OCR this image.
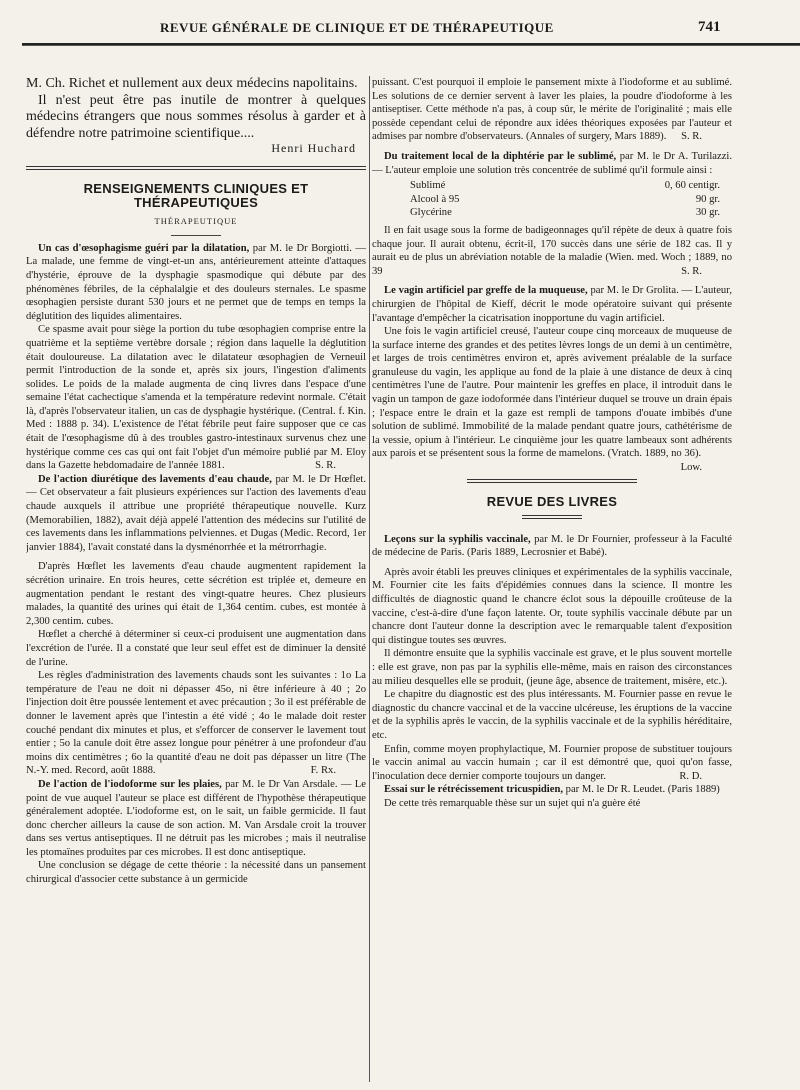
REVUE GÉNÉRALE DE CLINIQUE ET DE THÉRAPEUTIQUE	741

M. Ch. Richet et nullement aux deux médecins napolitains.

Il n'est peut être pas inutile de montrer à quelques médecins étrangers que nous sommes résolus à garder et à défendre notre patrimoine scientifique....

Henri Huchard
RENSEIGNEMENTS CLINIQUES ET THÉRAPEUTIQUES
THÉRAPEUTIQUE

Un cas d'œsophagisme guéri par la dilatation, par M. le Dr Borgiotti. — La malade, une femme de vingt-et-un ans, antérieurement atteinte d'attaques d'hystérie, éprouve de la dysphagie spasmodique qui débute par des phénomènes fébriles, de la céphalalgie et des douleurs sternales. Le spasme œsophagien persiste durant 530 jours et ne permet que de temps en temps la déglutition des liquides alimentaires.

Ce spasme avait pour siège la portion du tube œsophagien comprise entre la quatrième et la septième vertèbre dorsale ; région dans laquelle la déglutition était douloureuse. La dilatation avec le dilatateur œsophagien de Verneuil permit l'introduction de la sonde et, après six jours, l'ingestion d'aliments solides. Le poids de la malade augmenta de cinq livres dans l'espace d'une semaine l'état cachectique s'amenda et la température redevint normale. C'était là, d'après l'observateur italien, un cas de dysphagie hystérique. (Central. f. Kin. Med : 1888 p. 34). L'existence de l'état fébrile peut faire supposer que ce cas était de l'œsophagisme dû à des troubles gastro-intestinaux survenus chez une hystérique comme ces cas qui ont fait l'objet d'un mémoire publié par M. Eloy dans la Gazette hebdomadaire de l'année 1881.	S. R.

De l'action diurétique des lavements d'eau chaude, par M. le Dr Hœflet. — Cet observateur a fait plusieurs expériences sur l'action des lavements d'eau chaude auxquels il attribue une propriété thérapeutique nouvelle. Kurz (Memorabilien, 1882), avait déjà appelé l'attention des médecins sur l'utilité de ces lavements dans les inflammations pelviennes. et Dugas (Medic. Record, 1er janvier 1884), l'avait constaté dans la dysménorrhée et la métrorrhagie.

D'après Hœflet les lavements d'eau chaude augmentent rapidement la sécrétion urinaire. En trois heures, cette sécrétion est triplée et, demeure en augmentation pendant le restant des vingt-quatre heures. Chez plusieurs malades, la quantité des urines qui était de 1,364 centim. cubes, est montée à 2,300 centim. cubes.

Hœflet a cherché à déterminer si ceux-ci produisent une augmentation dans l'excrétion de l'urée. Il a constaté que leur seul effet est de diminuer la densité de l'urine.

Les règles d'administration des lavements chauds sont les suivantes : 1o La température de l'eau ne doit ni dépasser 45o, ni être inférieure à 40 ; 2o l'injection doit être poussée lentement et avec précaution ; 3o il est préférable de donner le lavement après que l'intestin a été vidé ; 4o le malade doit rester couché pendant dix minutes et plus, et s'efforcer de conserver le lavement tout entier ; 5o la canule doit être assez longue pour pénétrer à une profondeur d'au moins dix centimètres ; 6o la quantité d'eau ne doit pas dépasser un litre (The N.-Y. med. Record, août 1888.	F. Rx.

De l'action de l'iodoforme sur les plaies, par M. le Dr Van Arsdale. — Le point de vue auquel l'auteur se place est différent de l'hypothèse thérapeutique généralement adoptée. L'iodoforme est, on le sait, un faible germicide. Il faut donc chercher ailleurs la cause de son action. M. Van Arsdale croit la trouver dans ses vertus antiseptiques. Il ne détruit pas les microbes ; mais il neutralise les ptomaïnes produites par ces microbes. Il est donc antiseptique.

Une conclusion se dégage de cette théorie : la nécessité dans un pansement chirurgical d'associer cette substance à un germicide

puissant. C'est pourquoi il emploie le pansement mixte à l'iodoforme et au sublimé. Les solutions de ce dernier servent à laver les plaies, la poudre d'iodoforme à les antiseptiser. Cette méthode n'a pas, à coup sûr, le mérite de l'originalité ; mais elle possède cependant celui de répondre aux idées théoriques exposées par l'auteur et admises par nombre d'observateurs. (Annales of surgery, Mars 1889). S. R.

Du traitement local de la diphtérie par le sublimé, par M. le Dr A. Turilazzi. — L'auteur emploie une solution très concentrée de sublimé qu'il formule ainsi :

Sublimé	0, 60 centigr.
Alcool à 95	90 gr.
Glycérine	30 gr.

Il en fait usage sous la forme de badigeonnages qu'il répète de deux à quatre fois chaque jour. Il aurait obtenu, écrit-il, 170 succès dans une série de 182 cas. Il y aurait eu de plus un abréviation notable de la maladie (Wien. med. Woch ; 1889, no 39	S. R.

Le vagin artificiel par greffe de la muqueuse, par M. le Dr Grolita. — L'auteur, chirurgien de l'hôpital de Kieff, décrit le mode opératoire suivant qui présente l'avantage d'empêcher la cicatrisation inopportune du vagin artificiel.

Une fois le vagin artificiel creusé, l'auteur coupe cinq morceaux de muqueuse de la surface interne des grandes et des petites lèvres longs de un demi à un centimètre, et larges de trois centimètres environ et, après avivement préalable de la surface granuleuse du vagin, les applique au fond de la plaie à une distance de deux à cinq centimètres l'une de l'autre. Pour maintenir les greffes en place, il introduit dans le vagin un tampon de gaze iodoformée dans l'intérieur duquel se trouve un drain épais ; l'espace entre le drain et la gaze est rempli de tampons d'ouate imbibés d'une solution de sublimé. Immobilité de la malade pendant quatre jours, cathétérisme de la vessie, opium à l'intérieur. Le cinquième jour les quatre lambeaux sont adhérents aux parois et se présentent sous la forme de mamelons. (Vratch. 1889, no 36).
Low.

REVUE DES LIVRES

Leçons sur la syphilis vaccinale, par M. le Dr Fournier, professeur à la Faculté de médecine de Paris. (Paris 1889, Lecrosnier et Babé).

Après avoir établi les preuves cliniques et expérimentales de la syphilis vaccinale, M. Fournier cite les faits d'épidémies connues dans la science. Il montre les difficultés de diagnostic quand le chancre éclot sous la dépouille croûteuse de la vaccine, c'est-à-dire d'une façon latente. Or, toute syphilis vaccinale débute par un chancre dont l'auteur donne la description avec le remarquable talent d'exposition qui distingue toutes ses œuvres.

Il démontre ensuite que la syphilis vaccinale est grave, et le plus souvent mortelle : elle est grave, non pas par la syphilis elle-même, mais en raison des circonstances au milieu desquelles elle se produit, (jeune âge, absence de traitement, misère, etc.).

Le chapitre du diagnostic est des plus intéressants. M. Fournier passe en revue le diagnostic du chancre vaccinal et de la vaccine ulcéreuse, les éruptions de la vaccine et de la syphilis après le vaccin, de la syphilis vaccinale et de la syphilis héréditaire, etc.

Enfin, comme moyen prophylactique, M. Fournier propose de substituer toujours le vaccin animal au vaccin humain ; car il est démontré que, quoi qu'on fasse, l'inoculation dece dernier comporte toujours un danger.	R. D.

Essai sur le rétrécissement tricuspidien, par M. le Dr R. Leudet. (Paris 1889)

De cette très remarquable thèse sur un sujet qui n'a guère été
